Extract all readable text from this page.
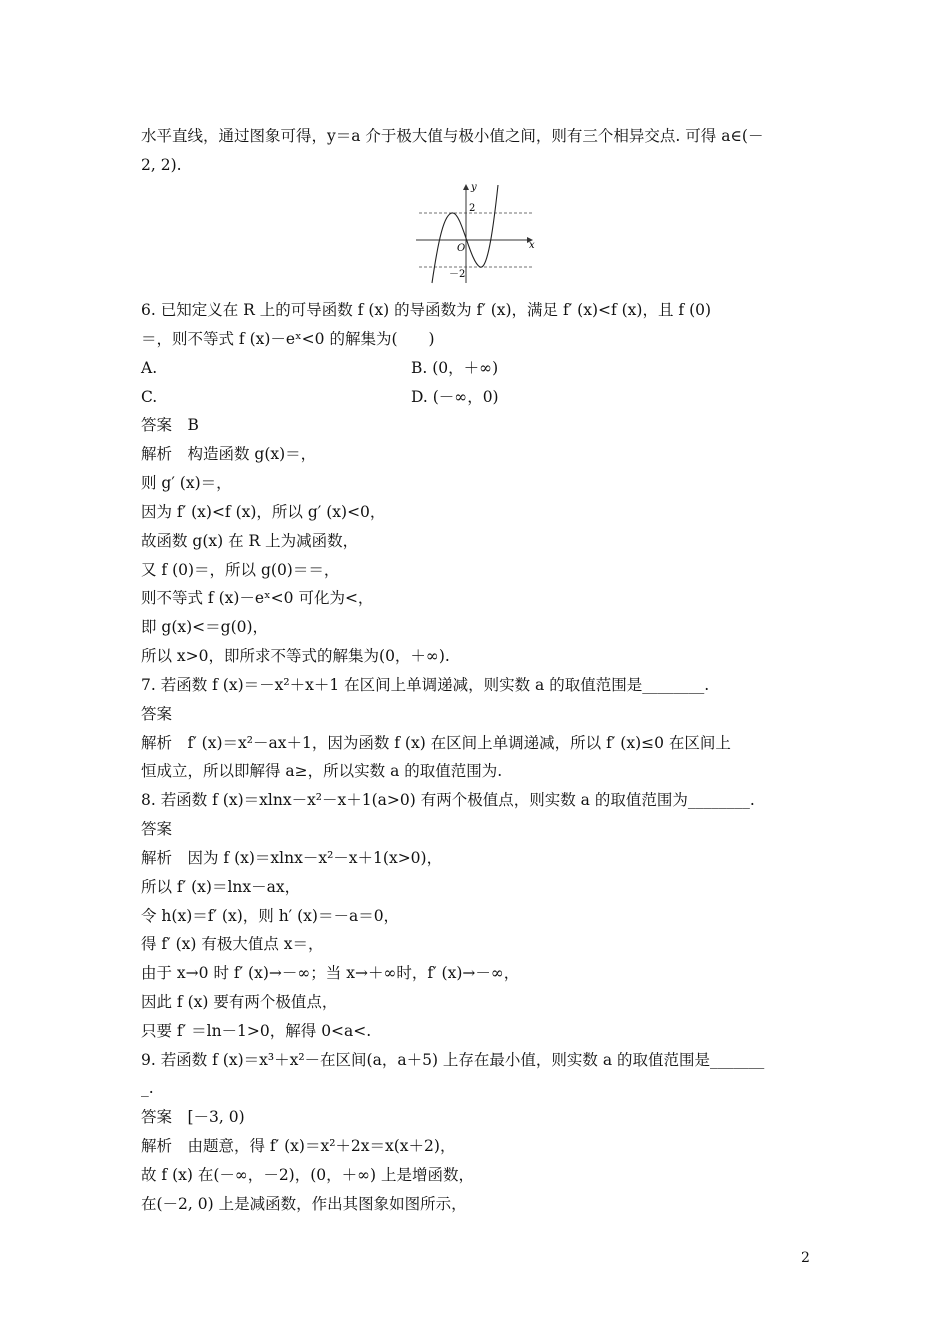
水平直线，通过图象可得，y＝a 介于极大值与极小值之间，则有三个相异交点. 可得 a∈(－
2, 2).
y
x
O
2
－2
6. 已知定义在 R 上的可导函数 f (x) 的导函数为 f′ (x)，满足 f′ (x)<f (x)，且 f (0)
＝，则不等式 f (x)－eˣ<0 的解集为(　　)
A.	B. (0，＋∞)
C.	D. (－∞，0)
答案　B
解析　构造函数 g(x)＝，
则 g′ (x)＝，
因为 f′ (x)<f (x)，所以 g′ (x)<0，
故函数 g(x) 在 R 上为减函数，
又 f (0)＝，所以 g(0)＝＝，
则不等式 f (x)－eˣ<0 可化为<，
即 g(x)<＝g(0)，
所以 x>0，即所求不等式的解集为(0，＋∞).
7. 若函数 f (x)＝－x²＋x＋1 在区间上单调递减，则实数 a 的取值范围是________.
答案
解析　f′ (x)＝x²－ax＋1，因为函数 f (x) 在区间上单调递减，所以 f′ (x)≤0 在区间上
恒成立，所以即解得 a≥，所以实数 a 的取值范围为.
8. 若函数 f (x)＝xlnx－x²－x＋1(a>0) 有两个极值点，则实数 a 的取值范围为________.
答案
解析　因为 f (x)＝xlnx－x²－x＋1(x>0)，
所以 f′ (x)＝lnx－ax，
令 h(x)＝f′ (x)，则 h′ (x)＝－a＝0，
得 f′ (x) 有极大值点 x＝，
由于 x→0 时 f′ (x)→－∞；当 x→＋∞时，f′ (x)→－∞，
因此 f (x) 要有两个极值点，
只要 f′ ＝ln－1>0，解得 0<a<.
9. 若函数 f (x)＝x³＋x²－在区间(a，a＋5) 上存在最小值，则实数 a 的取值范围是_______
_.
答案　[－3, 0)
解析　由题意，得 f′ (x)＝x²＋2x＝x(x＋2)，
故 f (x) 在(－∞，－2)，(0，＋∞) 上是增函数，
在(－2, 0) 上是减函数，作出其图象如图所示，
2
